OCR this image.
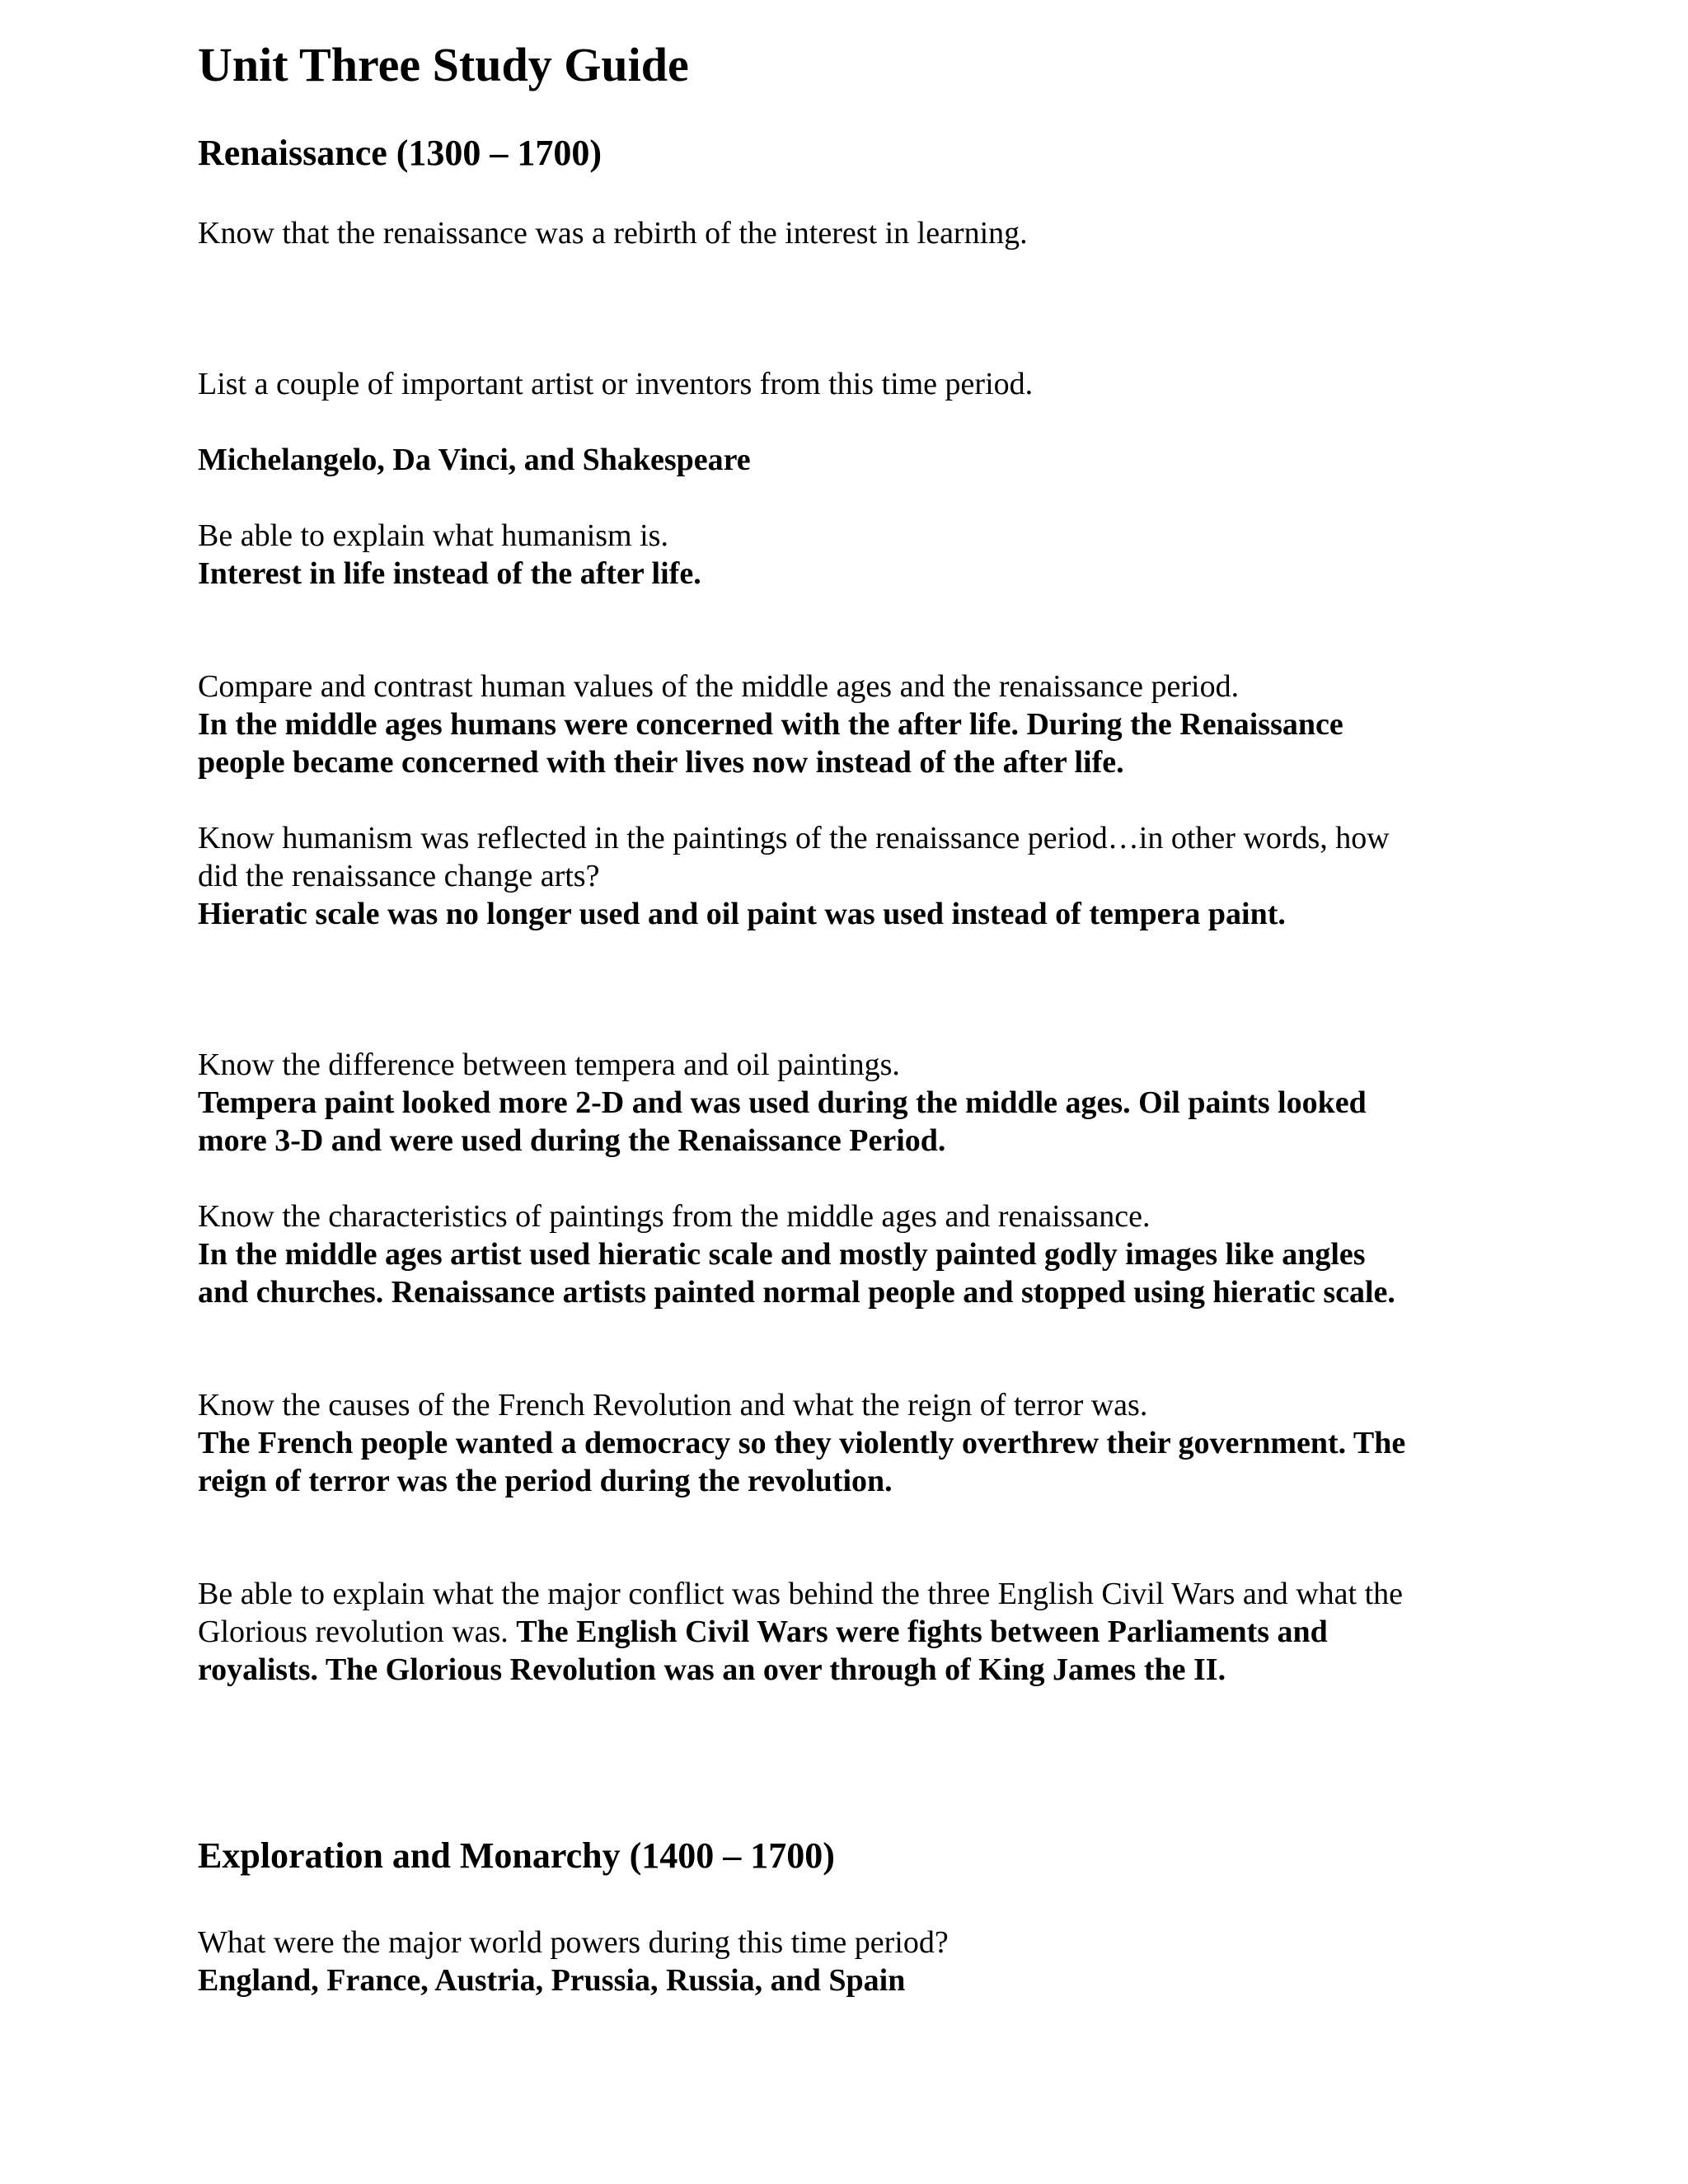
Unit Three Study Guide
Renaissance (1300 – 1700)

Know that the renaissance was a rebirth of the interest in learning.

List a couple of important artist or inventors from this time period.

Michelangelo, Da Vinci, and Shakespeare

Be able to explain what humanism is.

Interest in life instead of the after life.

Compare and contrast human values of the middle ages and the renaissance period.

In the middle ages humans were concerned with the after life. During the Renaissance

people became concerned with their lives now instead of the after life.

Know humanism was reflected in the paintings of the renaissance period…in other words, how

did the renaissance change arts?

Hieratic scale was no longer used and oil paint was used instead of tempera paint.

Know the difference between tempera and oil paintings.

Tempera paint looked more 2-D and was used during the middle ages. Oil paints looked

more 3-D and were used during the Renaissance Period.

Know the characteristics of paintings from the middle ages and renaissance.

In the middle ages artist used hieratic scale and mostly painted godly images like angles

and churches. Renaissance artists painted normal people and stopped using hieratic scale.

Know the causes of the French Revolution and what the reign of terror was.

The French people wanted a democracy so they violently overthrew their government. The

reign of terror was the period during the revolution.

Be able to explain what the major conflict was behind the three English Civil Wars and what the

Glorious revolution was. The English Civil Wars were fights between Parliaments and

royalists. The Glorious Revolution was an over through of King James the II.

Exploration and Monarchy (1400 – 1700)

What were the major world powers during this time period?

England, France, Austria, Prussia, Russia, and Spain
